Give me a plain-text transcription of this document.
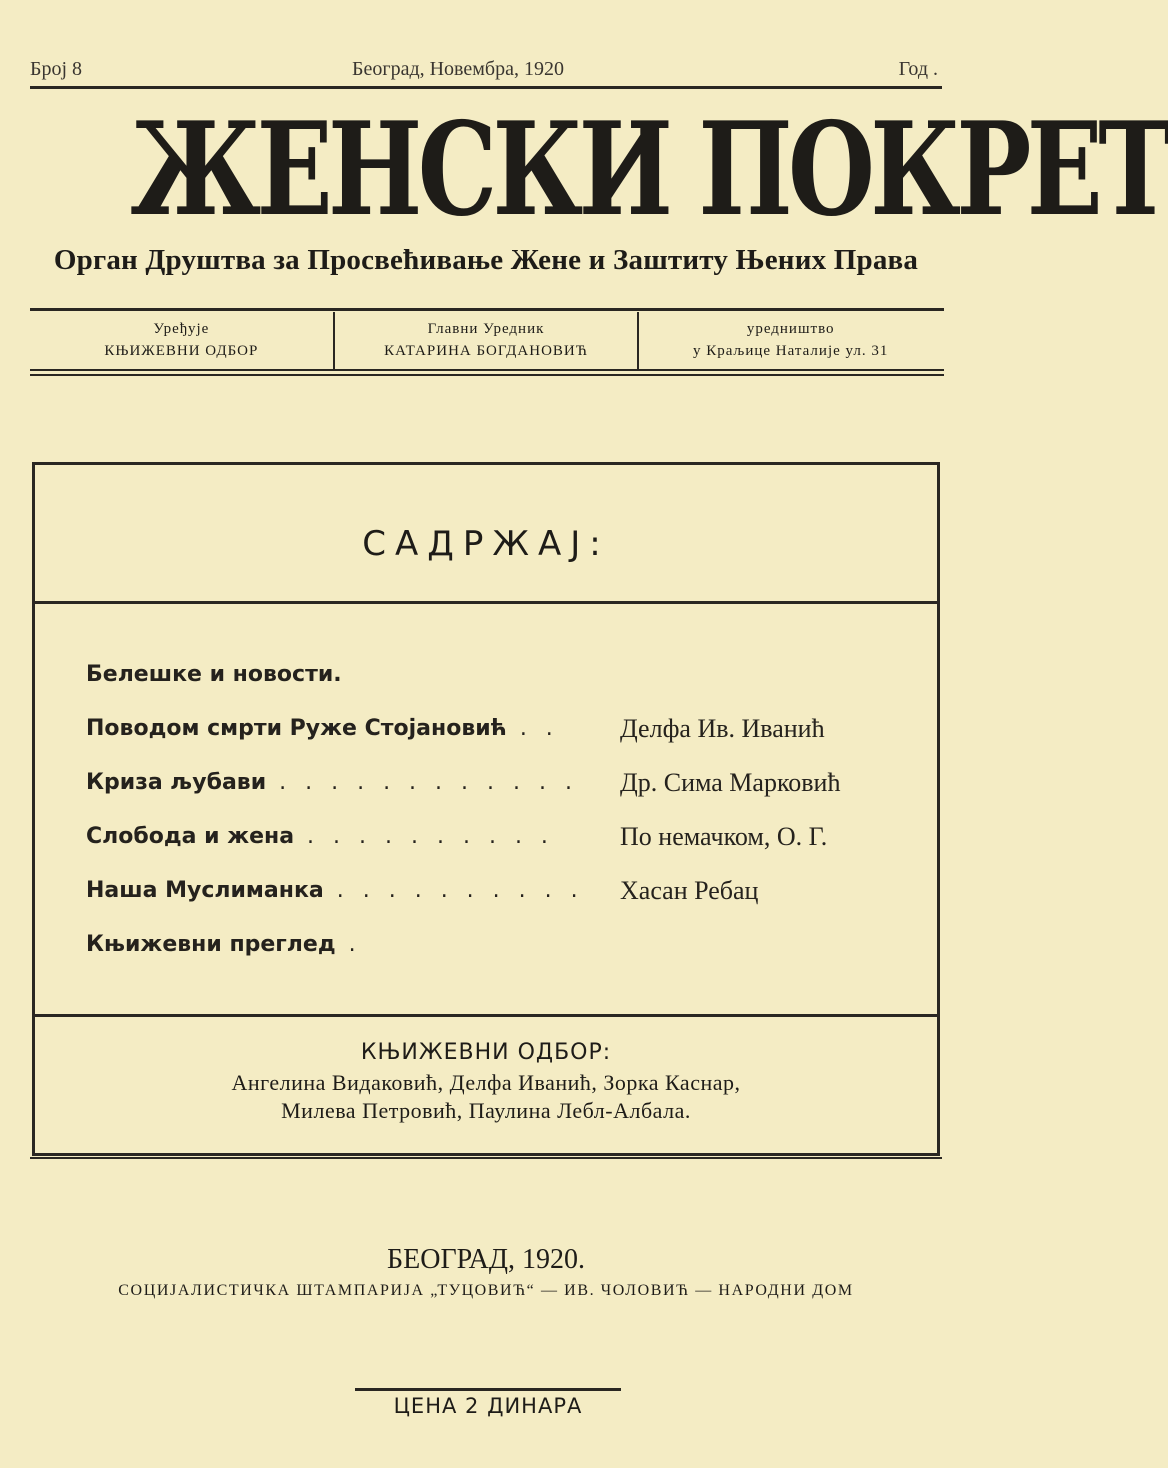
Број 8	Београд, Новембра, 1920	Год .
ЖЕНСКИ ПОКРЕТ
Орган Друштва за Просвећивање Жене и Заштиту Њених Права
Уређује
КЊИЖЕВНИ ОДБОР
Главни Уредник
КАТАРИНА БОГДАНОВИЋ
уредништво
у Краљице Наталије ул. 31
САДРЖАЈ:
Белешке и новости.
Поводом смрти Руже Стојановић . . Делфа Ив. Иванић
Криза љубави . . . . . . . . . . . . Др. Сима Марковић
Слобода и жена . . . . . . . . . .	По немачком, О. Г.
Наша Муслиманка . . . . . . . . . . Хасан Ребац
Књижевни преглед .
КЊИЖЕВНИ ОДБОР:
Ангелина Видаковић, Делфа Иванић, Зорка Каснар,
Милева Петровић, Паулина Лебл-Албала.
БЕОГРАД, 1920.
СОЦИЈАЛИСТИЧКА ШТАМПАРИЈА „ТУЦОВИЋ“ — ИВ. ЧОЛОВИЋ — НАРОДНИ ДОМ
ЦЕНА 2 ДИНАРА
